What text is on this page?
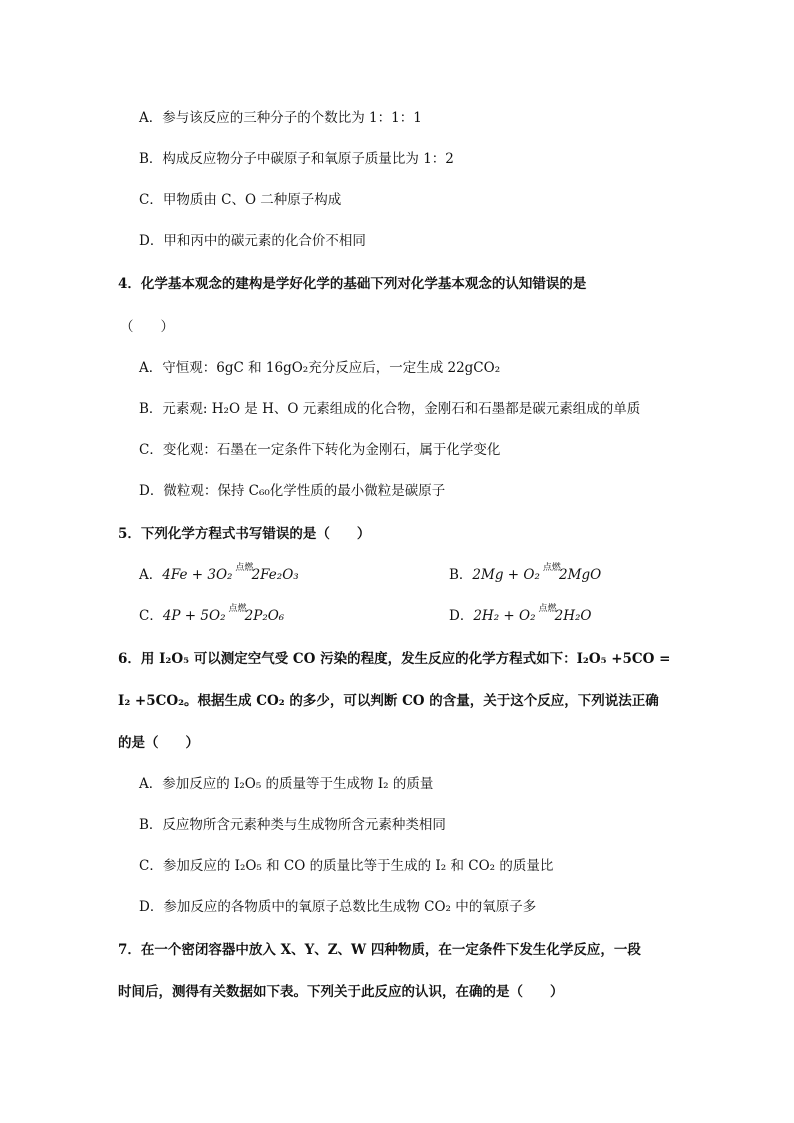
A．参与该反应的三种分子的个数比为 1：1：1
B．构成反应物分子中碳原子和氧原子质量比为 1：2
C．甲物质由 C、O 二种原子构成
D．甲和丙中的碳元素的化合价不相同
4．化学基本观念的建构是学好化学的基础下列对化学基本观念的认知错误的是
（　　）
A．守恒观：6gC 和 16gO₂充分反应后，一定生成 22gCO₂
B．元素观: H₂O 是 H、O 元素组成的化合物，金刚石和石墨都是碳元素组成的单质
C．变化观：石墨在一定条件下转化为金刚石，属于化学变化
D．微粒观：保持 C₆₀化学性质的最小微粒是碳原子
5．下列化学方程式书写错误的是（　　）
A．4Fe + 3O₂ 点燃
2Fe₂O₃	B．2Mg + O₂ 点燃
2MgO
C．4P + 5O₂ 点燃
2P₂O₆	D．2H₂ + O₂ 点燃
2H₂O
6．用 I₂O₅ 可以测定空气受 CO 污染的程度，发生反应的化学方程式如下：I₂O₅ +5CO =
I₂ +5CO₂。根据生成 CO₂ 的多少，可以判断 CO 的含量，关于这个反应，下列说法正确
的是（　　）
A．参加反应的 I₂O₅ 的质量等于生成物 I₂ 的质量
B．反应物所含元素种类与生成物所含元素种类相同
C．参加反应的 I₂O₅ 和 CO 的质量比等于生成的 I₂ 和 CO₂ 的质量比
D．参加反应的各物质中的氧原子总数比生成物 CO₂ 中的氧原子多
7．在一个密闭容器中放入 X、Y、Z、W 四种物质，在一定条件下发生化学反应，一段
时间后，测得有关数据如下表。下列关于此反应的认识，在确的是（　　）
